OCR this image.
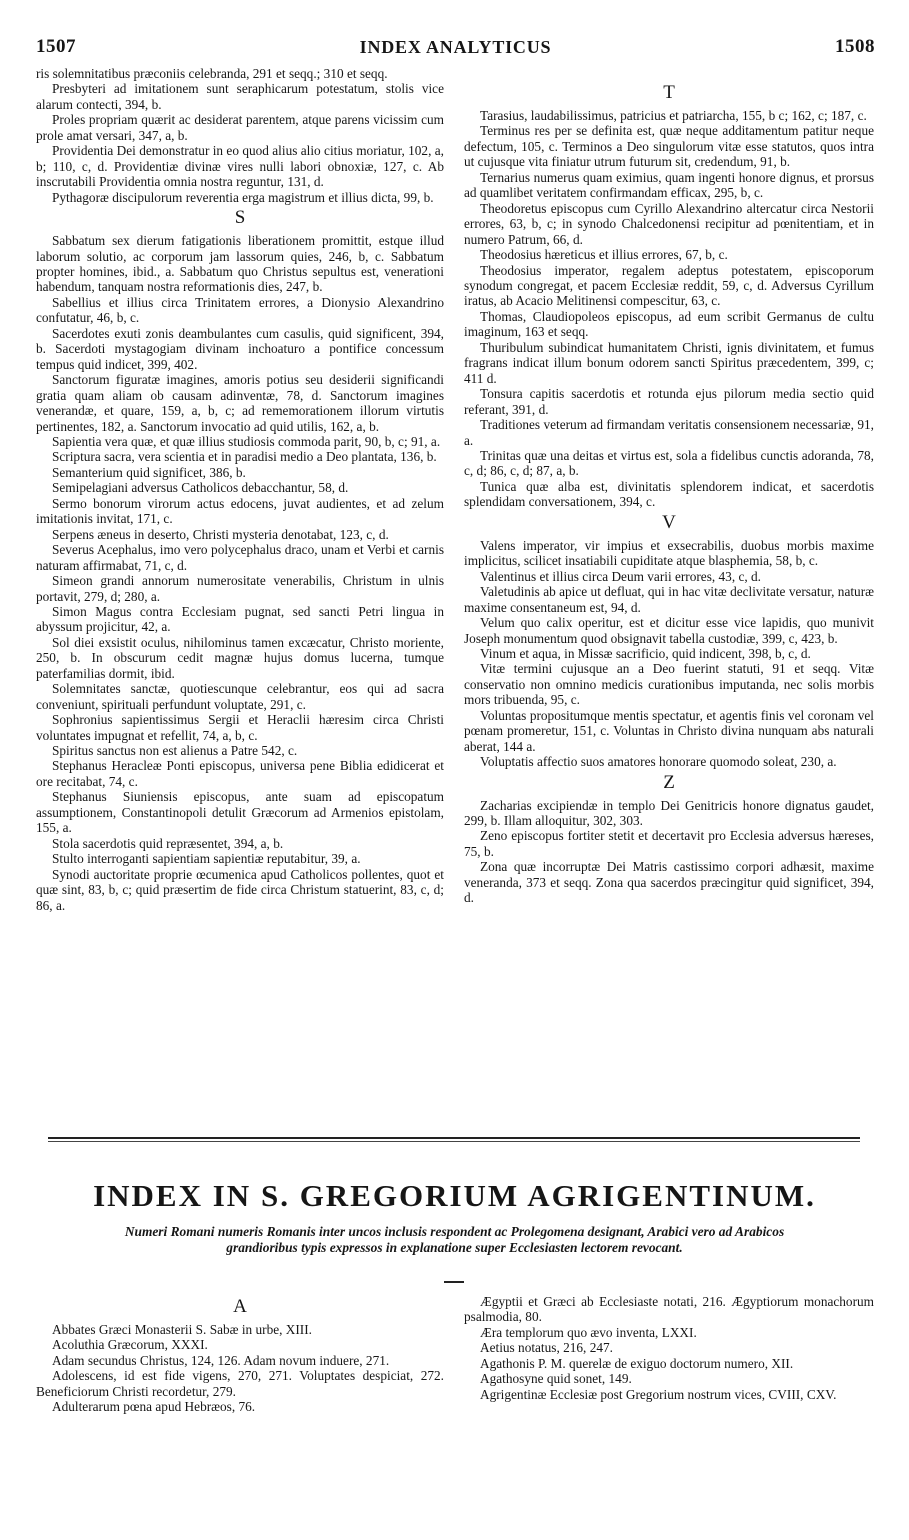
1507	INDEX ANALYTICUS	1508

ris solemnitatibus præconiis celebranda, 291 et seqq.; 310 et seqq.

Presbyteri ad imitationem sunt seraphicarum potestatum, stolis vice alarum contecti, 394, b.

Proles propriam quærit ac desiderat parentem, atque parens vicissim cum prole amat versari, 347, a, b.

Providentia Dei demonstratur in eo quod alius alio citius moriatur, 102, a, b; 110, c, d. Providentiæ divinæ vires nulli labori obnoxiæ, 127, c. Ab inscrutabili Providentia omnia nostra reguntur, 131, d.

Pythagoræ discipulorum reverentia erga magistrum et illius dicta, 99, b.

S

Sabbatum sex dierum fatigationis liberationem promittit, estque illud laborum solutio, ac corporum jam lassorum quies, 246, b, c. Sabbatum propter homines, ibid., a. Sabbatum quo Christus sepultus est, venerationi habendum, tanquam nostra reformationis dies, 247, b.

Sabellius et illius circa Trinitatem errores, a Dionysio Alexandrino confutatur, 46, b, c.

Sacerdotes exuti zonis deambulantes cum casulis, quid significent, 394, b. Sacerdoti mystagogiam divinam inchoaturo a pontifice concessum tempus quid indicet, 399, 402.

Sanctorum figuratæ imagines, amoris potius seu desiderii significandi gratia quam aliam ob causam adinventæ, 78, d. Sanctorum imagines venerandæ, et quare, 159, a, b, c; ad rememorationem illorum virtutis pertinentes, 182, a. Sanctorum invocatio ad quid utilis, 162, a, b.

Sapientia vera quæ, et quæ illius studiosis commoda parit, 90, b, c; 91, a.

Scriptura sacra, vera scientia et in paradisi medio a Deo plantata, 136, b.

Semanterium quid significet, 386, b.

Semipelagiani adversus Catholicos debacchantur, 58, d.

Sermo bonorum virorum actus edocens, juvat audientes, et ad zelum imitationis invitat, 171, c.

Serpens æneus in deserto, Christi mysteria denotabat, 123, c, d.

Severus Acephalus, imo vero polycephalus draco, unam et Verbi et carnis naturam affirmabat, 71, c, d.

Simeon grandi annorum numerositate venerabilis, Christum in ulnis portavit, 279, d; 280, a.

Simon Magus contra Ecclesiam pugnat, sed sancti Petri lingua in abyssum projicitur, 42, a.

Sol diei exsistit oculus, nihilominus tamen excæcatur, Christo moriente, 250, b. In obscurum cedit magnæ hujus domus lucerna, tumque paterfamilias dormit, ibid.

Solemnitates sanctæ, quotiescunque celebrantur, eos qui ad sacra conveniunt, spirituali perfundunt voluptate, 291, c.

Sophronius sapientissimus Sergii et Heraclii hæresim circa Christi voluntates impugnat et refellit, 74, a, b, c.

Spiritus sanctus non est alienus a Patre 542, c.

Stephanus Heracleæ Ponti episcopus, universa pene Biblia edidicerat et ore recitabat, 74, c.

Stephanus Siuniensis episcopus, ante suam ad episcopatum assumptionem, Constantinopoli detulit Græcorum ad Armenios epistolam, 155, a.

Stola sacerdotis quid repræsentet, 394, a, b.

Stulto interroganti sapientiam sapientiæ reputabitur, 39, a.

Synodi auctoritate proprie œcumenica apud Catholicos pollentes, quot et quæ sint, 83, b, c; quid præsertim de fide circa Christum statuerint, 83, c, d; 86, a.

T

Tarasius, laudabilissimus, patricius et patriarcha, 155, b c; 162, c; 187, c.

Terminus res per se definita est, quæ neque additamentum patitur neque defectum, 105, c. Terminos a Deo singulorum vitæ esse statutos, quos intra ut cujusque vita finiatur utrum futurum sit, credendum, 91, b.

Ternarius numerus quam eximius, quam ingenti honore dignus, et prorsus ad quamlibet veritatem confirmandam efficax, 295, b, c.

Theodoretus episcopus cum Cyrillo Alexandrino altercatur circa Nestorii errores, 63, b, c; in synodo Chalcedonensi recipitur ad pœnitentiam, et in numero Patrum, 66, d.

Theodosius hæreticus et illius errores, 67, b, c.

Theodosius imperator, regalem adeptus potestatem, episcoporum synodum congregat, et pacem Ecclesiæ reddit, 59, c, d. Adversus Cyrillum iratus, ab Acacio Melitinensi compescitur, 63, c.

Thomas, Claudiopoleos episcopus, ad eum scribit Germanus de cultu imaginum, 163 et seqq.

Thuribulum subindicat humanitatem Christi, ignis divinitatem, et fumus fragrans indicat illum bonum odorem sancti Spiritus præcedentem, 399, c; 411 d.

Tonsura capitis sacerdotis et rotunda ejus pilorum media sectio quid referant, 391, d.

Traditiones veterum ad firmandam veritatis consensionem necessariæ, 91, a.

Trinitas quæ una deitas et virtus est, sola a fidelibus cunctis adoranda, 78, c, d; 86, c, d; 87, a, b.

Tunica quæ alba est, divinitatis splendorem indicat, et sacerdotis splendidam conversationem, 394, c.

V

Valens imperator, vir impius et exsecrabilis, duobus morbis maxime implicitus, scilicet insatiabili cupiditate atque blasphemia, 58, b, c.

Valentinus et illius circa Deum varii errores, 43, c, d.

Valetudinis ab apice ut defluat, qui in hac vitæ declivitate versatur, naturæ maxime consentaneum est, 94, d.

Velum quo calix operitur, est et dicitur esse vice lapidis, quo munivit Joseph monumentum quod obsignavit tabella custodiæ, 399, c, 423, b.

Vinum et aqua, in Missæ sacrificio, quid indicent, 398, b, c, d.

Vitæ termini cujusque an a Deo fuerint statuti, 91 et seqq. Vitæ conservatio non omnino medicis curationibus imputanda, nec solis morbis mors tribuenda, 95, c.

Voluntas propositumque mentis spectatur, et agentis finis vel coronam vel pœnam promeretur, 151, c. Voluntas in Christo divina nunquam abs naturali aberat, 144 a.

Voluptatis affectio suos amatores honorare quomodo soleat, 230, a.

Z

Zacharias excipiendæ in templo Dei Genitricis honore dignatus gaudet, 299, b. Illam alloquitur, 302, 303.

Zeno episcopus fortiter stetit et decertavit pro Ecclesia adversus hæreses, 75, b.

Zona quæ incorruptæ Dei Matris castissimo corpori adhæsit, maxime veneranda, 373 et seqq. Zona qua sacerdos præcingitur quid significet, 394, d.

INDEX IN S. GREGORIUM AGRIGENTINUM.
Numeri Romani numeris Romanis inter uncos inclusis respondent ac Prolegomena designant, Arabici vero ad Arabicos grandioribus typis expressos in explanatione super Ecclesiasten lectorem revocant.
A

Abbates Græci Monasterii S. Sabæ in urbe, XIII.

Acoluthia Græcorum, XXXI.

Adam secundus Christus, 124, 126. Adam novum induere, 271.

Adolescens, id est fide vigens, 270, 271. Voluptates despiciat, 272. Beneficiorum Christi recordetur, 279.

Adulterarum pœna apud Hebræos, 76.

Ægyptii et Græci ab Ecclesiaste notati, 216. Ægyptiorum monachorum psalmodia, 80.

Æra templorum quo ævo inventa, LXXI.

Aetius notatus, 216, 247.

Agathonis P. M. querelæ de exiguo doctorum numero, XII.

Agathosyne quid sonet, 149.

Agrigentinæ Ecclesiæ post Gregorium nostrum vices, CVIII, CXV.
